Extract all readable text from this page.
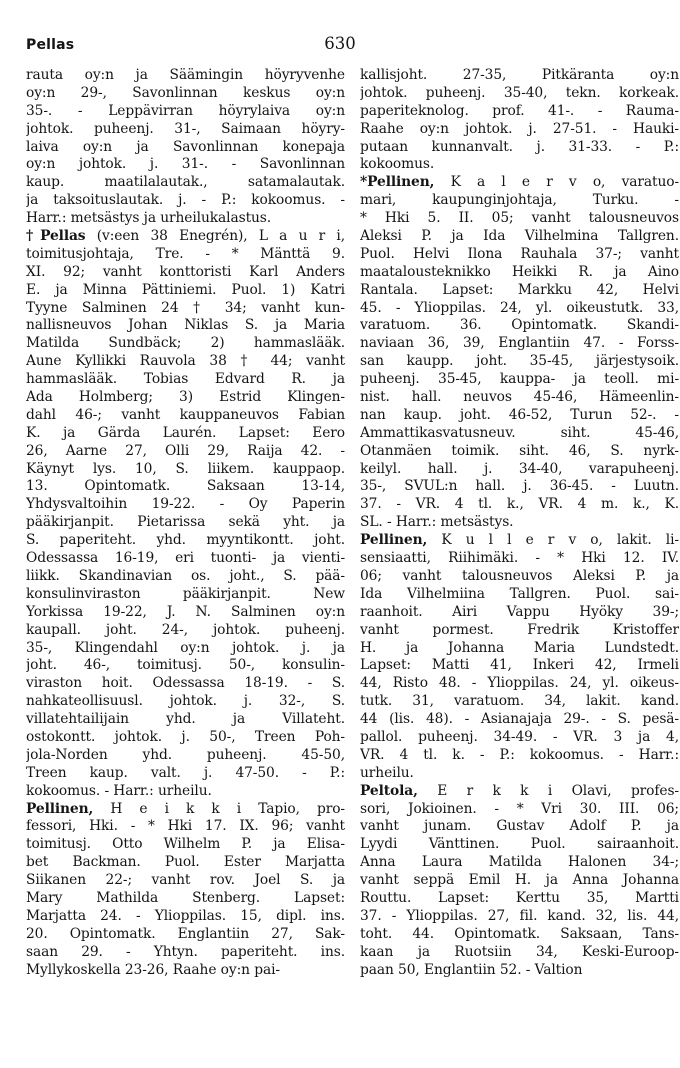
Pellas	630
rauta oy:n ja Säämingin höyryvenhe
oy:n 29-, Savonlinnan keskus oy:n
35-. - Leppävirran höyrylaiva oy:n
johtok. puheenj. 31-, Saimaan höyry-
laiva oy:n ja Savonlinnan konepaja
oy:n johtok. j. 31-. - Savonlinnan
kaup. maatilalautak., satamalautak.
ja taksoituslautak. j. - P.: kokoomus. -
Harr.: metsästys ja urheilukalastus.
†Pellas (v:een 38 Enegrén), L a u r i,
toimitusjohtaja, Tre. - * Mänttä 9.
XI. 92; vanht konttoristi Karl Anders
E. ja Minna Pättiniemi. Puol. 1) Katri
Tyyne Salminen 24 † 34; vanht kun-
nallisneuvos Johan Niklas S. ja Maria
Matilda Sundbäck; 2) hammaslääk.
Aune Kyllikki Rauvola 38 † 44; vanht
hammaslääk. Tobias Edvard R. ja
Ada Holmberg; 3) Estrid Klingen-
dahl 46-; vanht kauppaneuvos Fabian
K. ja Gärda Laurén. Lapset: Eero
26, Aarne 27, Olli 29, Raija 42. -
Käynyt lys. 10, S. liikem. kauppaop.
13. Opintomatk. Saksaan 13-14,
Yhdysvaltoihin 19-22. - Oy Paperin
pääkirjanpit. Pietarissa sekä yht. ja
S. paperiteht. yhd. myyntikontt. joht.
Odessassa 16-19, eri tuonti- ja vienti-
liikk. Skandinavian os. joht., S. pää-
konsulinviraston pääkirjanpit. New
Yorkissa 19-22, J. N. Salminen oy:n
kaupall. joht. 24-, johtok. puheenj.
35-, Klingendahl oy:n johtok. j. ja
joht. 46-, toimitusj. 50-, konsulin-
viraston hoit. Odessassa 18-19. - S.
nahkateollisuusl. johtok. j. 32-, S.
villatehtailijain yhd. ja Villateht.
ostokontt. johtok. j. 50-, Treen Poh-
jola-Norden yhd. puheenj. 45-50,
Treen kaup. valt. j. 47-50. - P.:
kokoomus. - Harr.: urheilu.
Pellinen, H e i k k i Tapio, pro-
fessori, Hki. - * Hki 17. IX. 96; vanht
toimitusj. Otto Wilhelm P. ja Elisa-
bet Backman. Puol. Ester Marjatta
Siikanen 22-; vanht rov. Joel S. ja
Mary Mathilda Stenberg. Lapset:
Marjatta 24. - Ylioppilas. 15, dipl. ins.
20. Opintomatk. Englantiin 27, Sak-
saan 29. - Yhtyn. paperiteht. ins.
Myllykoskella 23-26, Raahe oy:n pai-
kallisjoht. 27-35, Pitkäranta oy:n
johtok. puheenj. 35-40, tekn. korkeak.
paperiteknolog. prof. 41-. - Rauma-
Raahe oy:n johtok. j. 27-51. - Hauki-
putaan kunnanvalt. j. 31-33. - P.:
kokoomus.
*Pellinen, K a l e r v o, varatuo-
mari, kaupunginjohtaja, Turku. -
* Hki 5. II. 05; vanht talousneuvos
Aleksi P. ja Ida Vilhelmina Tallgren.
Puol. Helvi Ilona Rauhala 37-; vanht
maatalousteknikko Heikki R. ja Aino
Rantala. Lapset: Markku 42, Helvi
45. - Ylioppilas. 24, yl. oikeustutk. 33,
varatuom. 36. Opintomatk. Skandi-
naviaan 36, 39, Englantiin 47. - Forss-
san kaupp. joht. 35-45, järjestysoik.
puheenj. 35-45, kauppa- ja teoll. mi-
nist. hall. neuvos 45-46, Hämeenlin-
nan kaup. joht. 46-52, Turun 52-. -
Ammattikasvatusneuv. siht. 45-46,
Otanmäen toimik. siht. 46, S. nyrk-
keilyl. hall. j. 34-40, varapuheenj.
35-, SVUL:n hall. j. 36-45. - Luutn.
37. - VR. 4 tl. k., VR. 4 m. k., K.
SL. - Harr.: metsästys.
Pellinen, K u l l e r v o, lakit. li-
sensiaatti, Riihimäki. - * Hki 12. IV.
06; vanht talousneuvos Aleksi P. ja
Ida Vilhelmiina Tallgren. Puol. sai-
raanhoit. Airi Vappu Hyöky 39-;
vanht pormest. Fredrik Kristoffer
H. ja Johanna Maria Lundstedt.
Lapset: Matti 41, Inkeri 42, Irmeli
44, Risto 48. - Ylioppilas. 24, yl. oikeus-
tutk. 31, varatuom. 34, lakit. kand.
44 (lis. 48). - Asianajaja 29-. - S. pesä-
pallol. puheenj. 34-49. - VR. 3 ja 4,
VR. 4 tl. k. - P.: kokoomus. - Harr.:
urheilu.
Peltola, E r k k i Olavi, profes-
sori, Jokioinen. - * Vri 30. III. 06;
vanht junam. Gustav Adolf P. ja
Lyydi Vänttinen. Puol. sairaanhoit.
Anna Laura Matilda Halonen 34-;
vanht seppä Emil H. ja Anna Johanna
Routtu. Lapset: Kerttu 35, Martti
37. - Ylioppilas. 27, fil. kand. 32, lis. 44,
toht. 44. Opintomatk. Saksaan, Tans-
kaan ja Ruotsiin 34, Keski-Euroop-
paan 50, Englantiin 52. - Valtion
